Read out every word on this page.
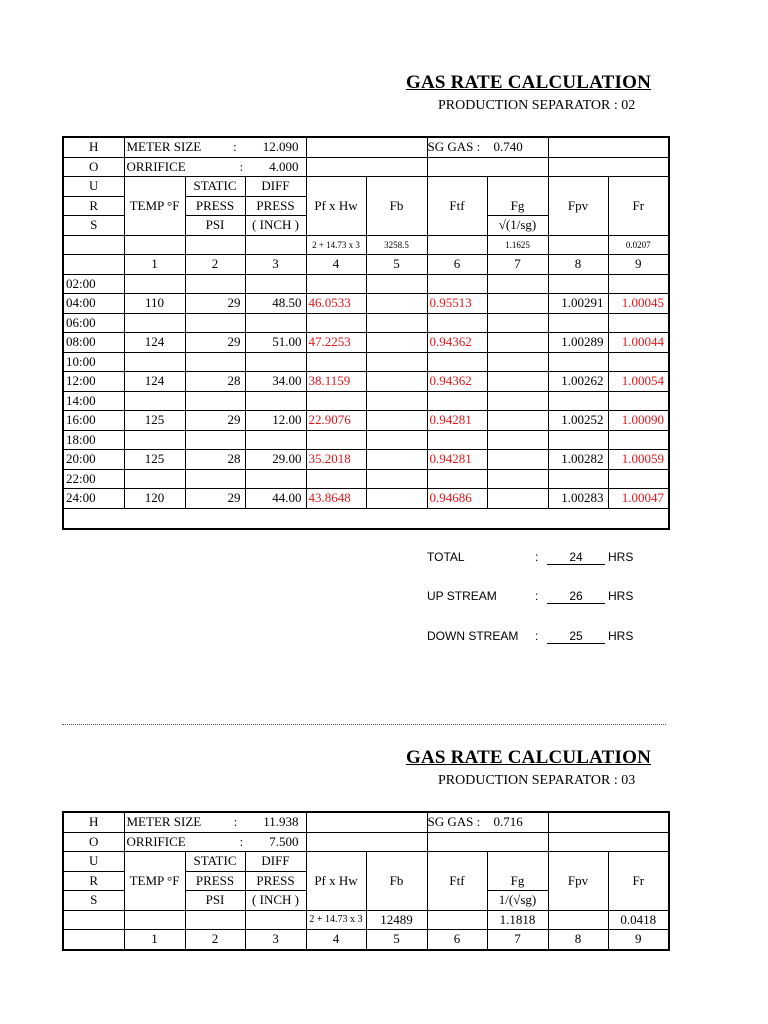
GAS RATE CALCULATION
PRODUCTION SEPARATOR : 02
H	METER SIZE : 12.090					SG GAS : 0.740			
O	ORRIFICE : 4.000								

U	TEMP °F	STATIC	DIFF	Pf x Hw	Fb	Ftf	Fg	Fpv	Fr
R		PRESS	PRESS						
S		PSI	( INCH )				√(1/sg)		
				2 + 14.73 x 3	3258.5		1.1625		0.0207
	1	2	3	4	5	6	7	8	9
02:00									
04:00	110	29	48.50	46.0533		0.95513		1.00291	1.00045
06:00									
08:00	124	29	51.00	47.2253		0.94362		1.00289	1.00044
10:00									
12:00	124	28	34.00	38.1159		0.94362		1.00262	1.00054
14:00									
16:00	125	29	12.00	22.9076		0.94281		1.00252	1.00090
18:00									
20:00	125	28	29.00	35.2018		0.94281		1.00282	1.00059
22:00									
24:00	120	29	44.00	43.8648		0.94686		1.00283	1.00047

TOTAL	:	24	HRS
UP STREAM	:	26	HRS
DOWN STREAM :	25	HRS
GAS RATE CALCULATION
PRODUCTION SEPARATOR : 03
H	METER SIZE : 11.938					SG GAS : 0.716			
O	ORRIFICE : 7.500								

U	TEMP °F	STATIC	DIFF	Pf x Hw	Fb	Ftf	Fg	Fpv	Fr
R		PRESS	PRESS						
S		PSI	( INCH )				1/(√sg)		
				2 + 14.73 x 3	12489		1.1818		0.0418
	1	2	3	4	5	6	7	8	9
